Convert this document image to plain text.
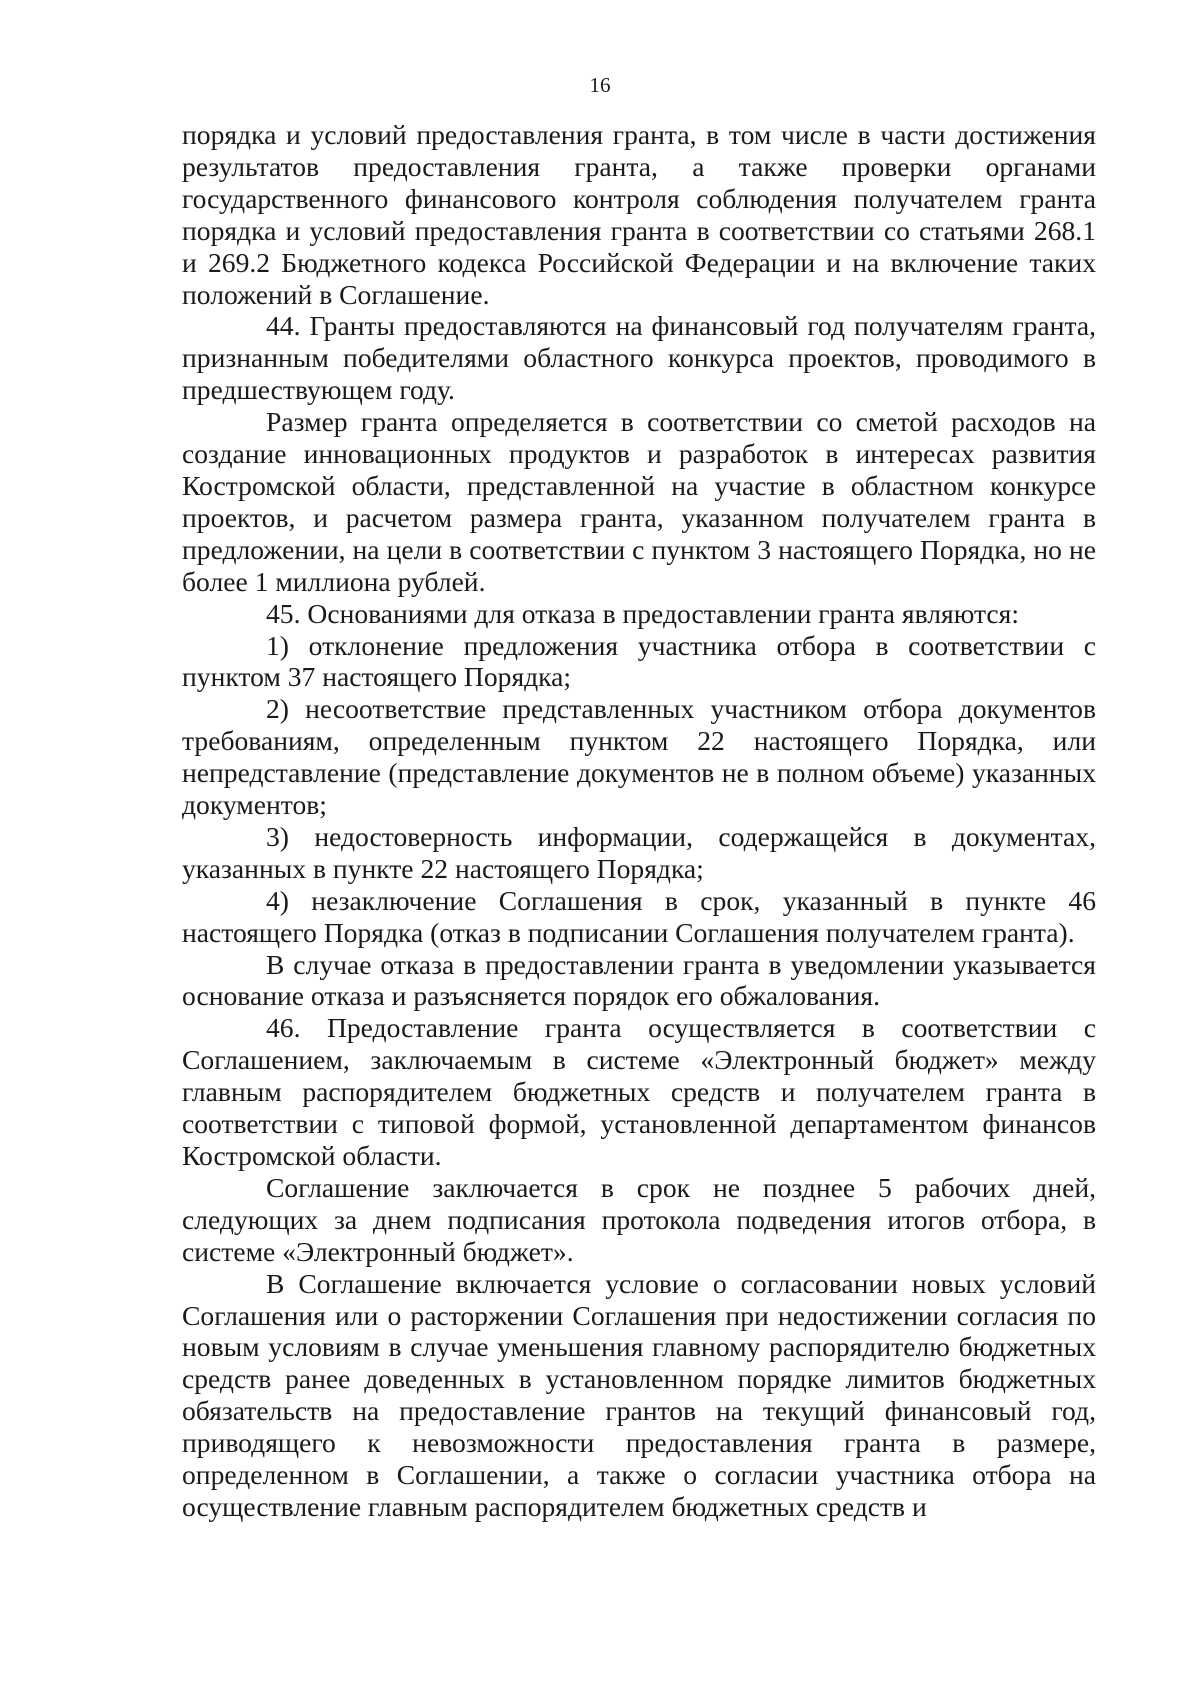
16

порядка и условий предоставления гранта, в том числе в части достижения результатов предоставления гранта, а также проверки органами государственного финансового контроля соблюдения получателем гранта порядка и условий предоставления гранта в соответствии со статьями 268.1 и 269.2 Бюджетного кодекса Российской Федерации и на включение таких положений в Соглашение.

44. Гранты предоставляются на финансовый год получателям гранта, признанным победителями областного конкурса проектов, проводимого в предшествующем году.

Размер гранта определяется в соответствии со сметой расходов на создание инновационных продуктов и разработок в интересах развития Костромской области, представленной на участие в областном конкурсе проектов, и расчетом размера гранта, указанном получателем гранта в предложении, на цели в соответствии с пунктом 3 настоящего Порядка, но не более 1 миллиона рублей.

45. Основаниями для отказа в предоставлении гранта являются:

1) отклонение предложения участника отбора в соответствии с пунктом 37 настоящего Порядка;

2) несоответствие представленных участником отбора документов требованиям, определенным пунктом 22 настоящего Порядка, или непредставление (представление документов не в полном объеме) указанных документов;

3) недостоверность информации, содержащейся в документах, указанных в пункте 22 настоящего Порядка;

4) незаключение Соглашения в срок, указанный в пункте 46 настоящего Порядка (отказ в подписании Соглашения получателем гранта).

В случае отказа в предоставлении гранта в уведомлении указывается основание отказа и разъясняется порядок его обжалования.

46. Предоставление гранта осуществляется в соответствии с Соглашением, заключаемым в системе «Электронный бюджет» между главным распорядителем бюджетных средств и получателем гранта в соответствии с типовой формой, установленной департаментом финансов Костромской области.

Соглашение заключается в срок не позднее 5 рабочих дней, следующих за днем подписания протокола подведения итогов отбора, в системе «Электронный бюджет».

В Соглашение включается условие о согласовании новых условий Соглашения или о расторжении Соглашения при недостижении согласия по новым условиям в случае уменьшения главному распорядителю бюджетных средств ранее доведенных в установленном порядке лимитов бюджетных обязательств на предоставление грантов на текущий финансовый год, приводящего к невозможности предоставления гранта в размере, определенном в Соглашении, а также о согласии участника отбора на осуществление главным распорядителем бюджетных средств и
